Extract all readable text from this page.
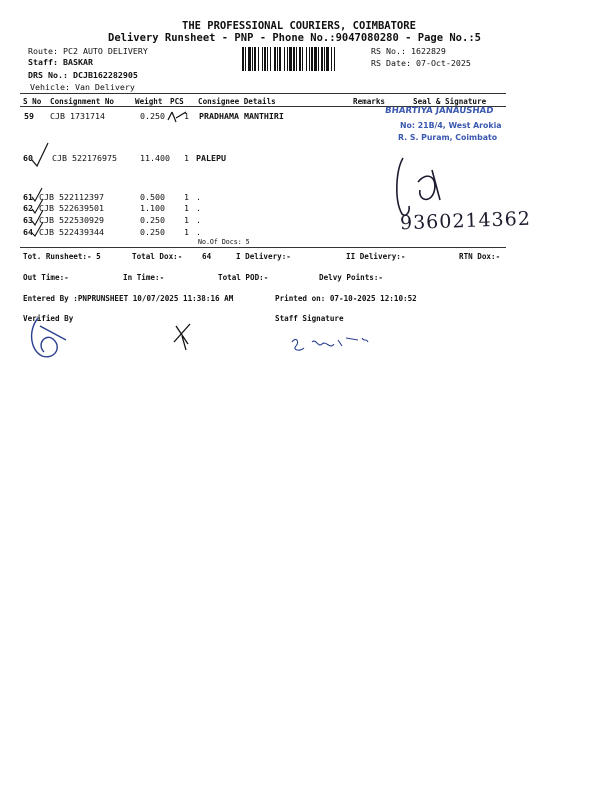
THE PROFESSIONAL COURIERS, COIMBATORE
Delivery Runsheet - PNP - Phone No.:9047080280 - Page No.:5
Route: PC2 AUTO DELIVERY
Staff: BASKAR
DRS No.: DCJB162282905
Vehicle: Van Delivery
RS No.: 1622829
RS Date: 07-Oct-2025
S No Consignment No	Weight PCS Consignee Details	Remarks	Seal & Signature
59 CJB 1731714	0.250 1 PRADHAMA MANTHIRI
60 CJB 522176975	11.400 1 PALEPU
61 CJB 522112397	0.500 1 .
62 CJB 522639501	1.100 1 .
63 CJB 522530929	0.250 1 .
64 CJB 522439344	0.250 1 .
No.Of Docs: 5
Tot. Runsheet:- 5	Total Dox:-	64	I Delivery:-	II Delivery:-	RTN Dox:-
Out Time:-	In Time:-	Total POD:-	Delvy Points:-
Entered By :PNPRUNSHEET 10/07/2025 11:38:16 AM	Printed on: 07-10-2025 12:10:52
Verified By	Staff Signature
BHARTIYA JANAUSHAD
No: 21B/4, West Arokia
R. S. Puram, Coimbato
9360214362
